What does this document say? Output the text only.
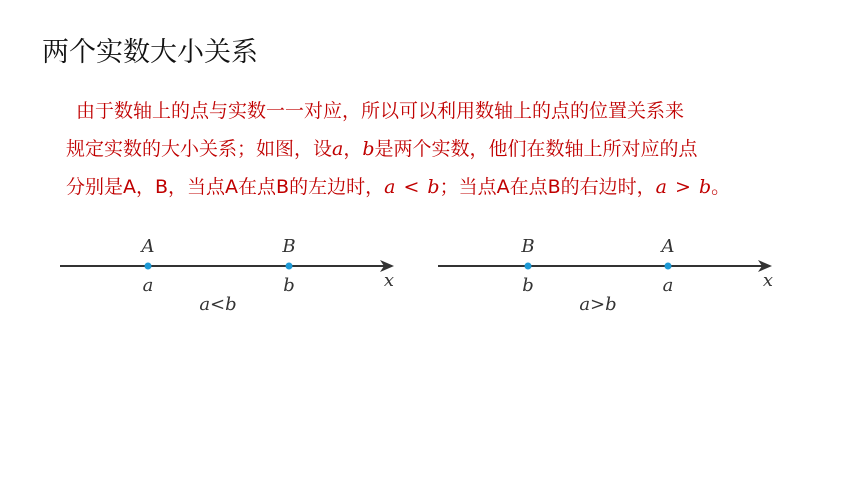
两个实数大小关系
由于数轴上的点与实数一一对应，所以可以利用数轴上的点的位置关系来
规定实数的大小关系；如图，设a，b是两个实数，他们在数轴上所对应的点
分别是A，B，当点A在点B的左边时，a < b；当点A在点B的右边时，a > b。
A
a
B
b	x
a<b
B
b
A
a	x
a>b
